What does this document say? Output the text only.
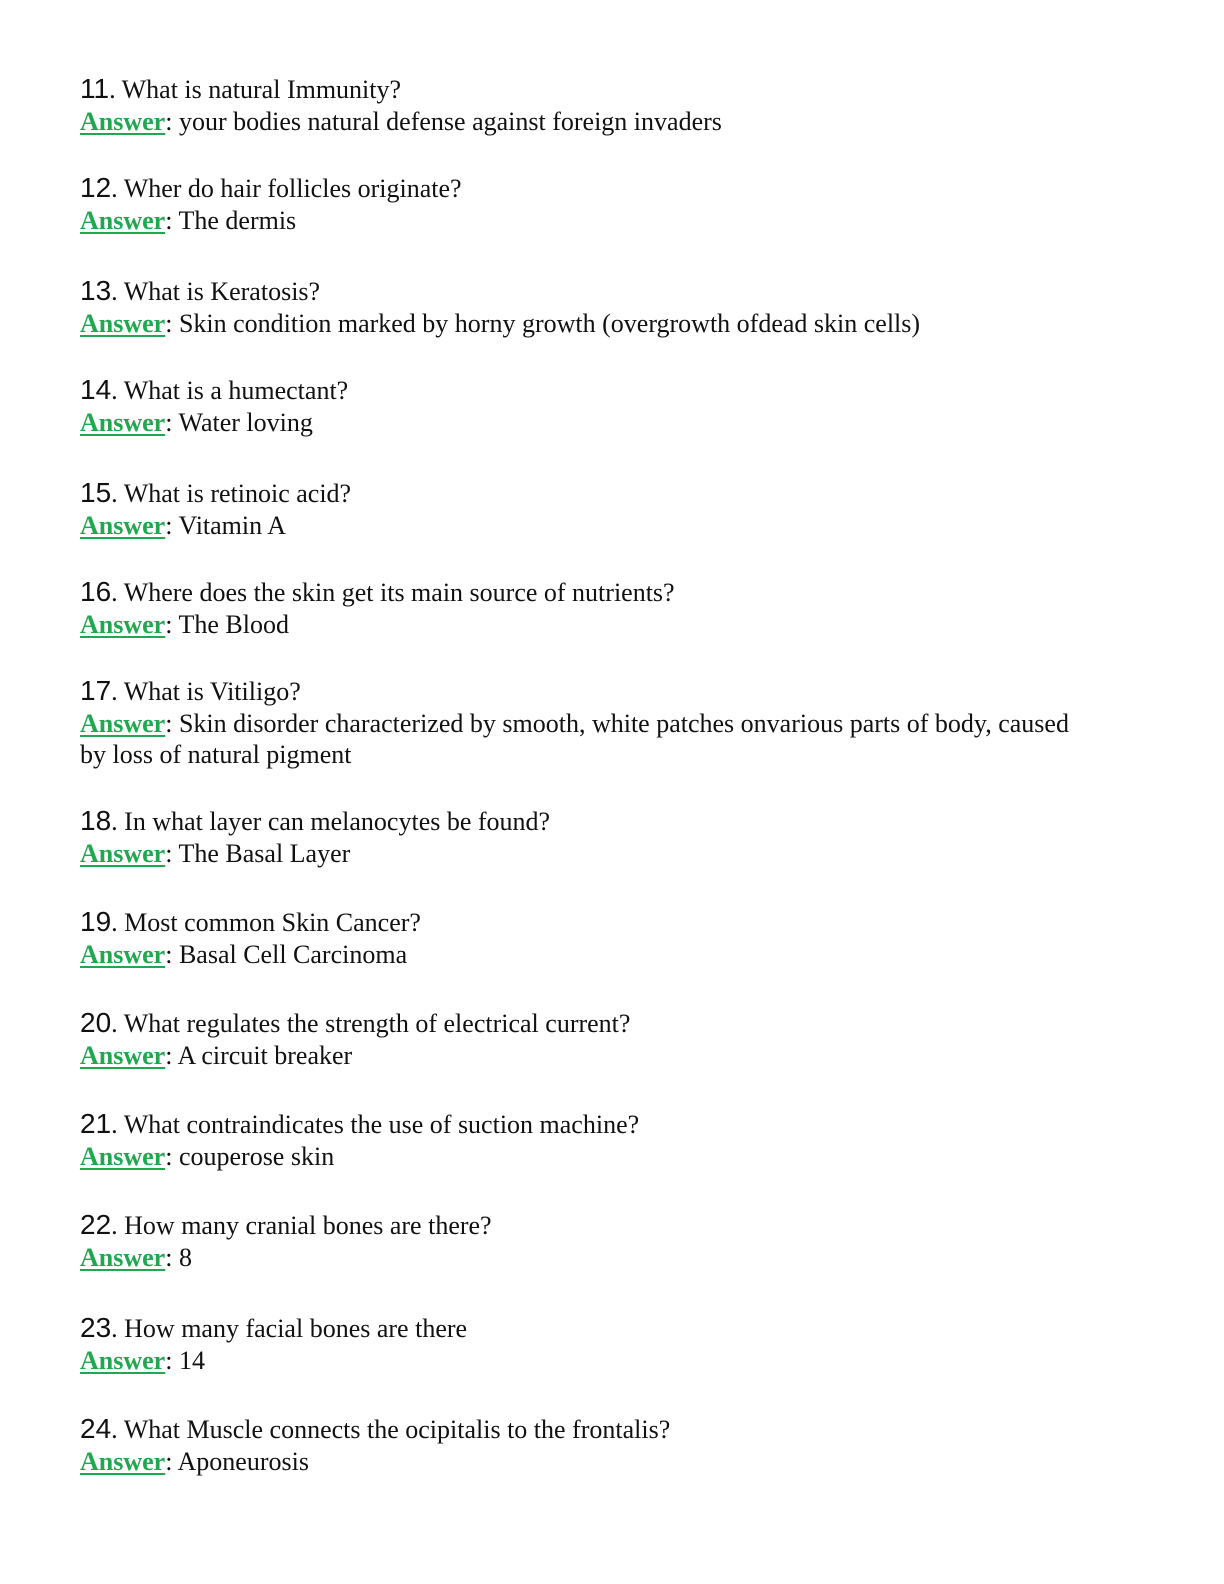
11. What is natural Immunity?
Answer: your bodies natural defense against foreign invaders
12. Wher do hair follicles originate?
Answer: The dermis
13. What is Keratosis?
Answer: Skin condition marked by horny growth (overgrowth ofdead skin cells)
14. What is a humectant?
Answer: Water loving
15. What is retinoic acid?
Answer: Vitamin A
16. Where does the skin get its main source of nutrients?
Answer: The Blood
17. What is Vitiligo?
Answer: Skin disorder characterized by smooth, white patches onvarious parts of body, caused by loss of natural pigment
18. In what layer can melanocytes be found?
Answer: The Basal Layer
19. Most common Skin Cancer?
Answer: Basal Cell Carcinoma
20. What regulates the strength of electrical current?
Answer: A circuit breaker
21. What contraindicates the use of suction machine?
Answer: couperose skin
22. How many cranial bones are there?
Answer: 8
23. How many facial bones are there
Answer: 14
24. What Muscle connects the ocipitalis to the frontalis?
Answer: Aponeurosis
